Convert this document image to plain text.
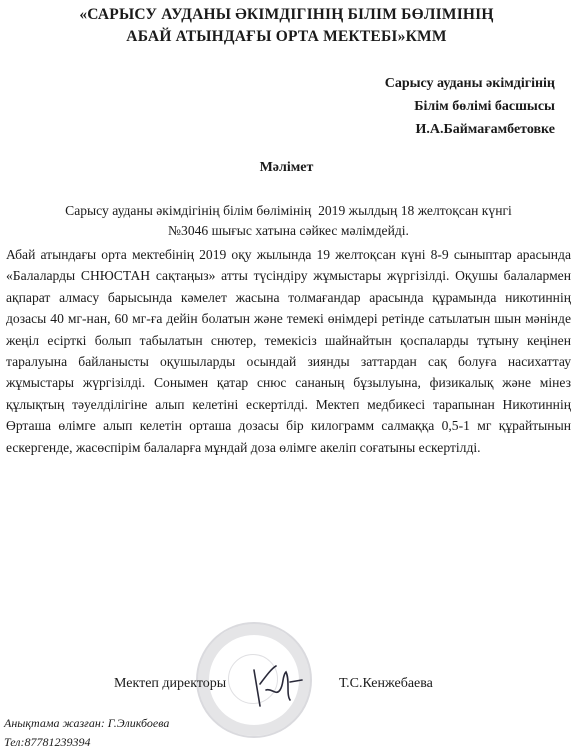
«САРЫСУ АУДАНЫ ӘКІМДІГІНІҢ БІЛІМ БӨЛІМІНІҢ
АБАЙ АТЫНДАҒЫ ОРТА МЕКТЕБІ»КММ
Сарысу ауданы әкімдігінің
Білім бөлімі басшысы
И.А.Баймағамбетовке
Мәлімет
Сарысу ауданы әкімдігінің білім бөлімінің  2019 жылдың 18 желтоқсан күнгі
№3046 шығыс хатына сәйкес мәлімдейді.
Абай атындағы орта мектебінің 2019 оқу жылында 19 желтоқсан күні 8-9 сыныптар арасында «Балаларды СНЮСТАН сақтаңыз» атты түсіндіру жұмыстары жүргізілді. Оқушы балалармен ақпарат алмасу барысында кәмелет жасына толмағандар арасында құрамында никотиннің дозасы 40 мг-нан, 60 мг-ға дейін болатын және темекі өнімдері ретінде сатылатын шын мәнінде жеңіл есірткі болып табылатын снютер, темекісіз шайнайтын қоспаларды тұтыну кеңінен таралуына байланысты оқушыларды осындай зиянды заттардан сақ болуға насихаттау жұмыстары жүргізілді. Сонымен қатар снюс сананың бұзылуына, физикалық және мінез құлықтың тәуелділігіне алып келетіні ескертілді. Мектеп медбикесі тарапынан Никотиннің Өрташа өлімге алып келетін орташа дозасы бір килограмм салмаққа 0,5-1 мг құрайтынын ескергенде, жасөспірім балаларға мұндай доза өлімге акеліп соғатыны ескертілді.
Мектеп директоры	Т.С.Кенжебаева
Анықтама жазған: Г.Эликбоева
Тел:87781239394
